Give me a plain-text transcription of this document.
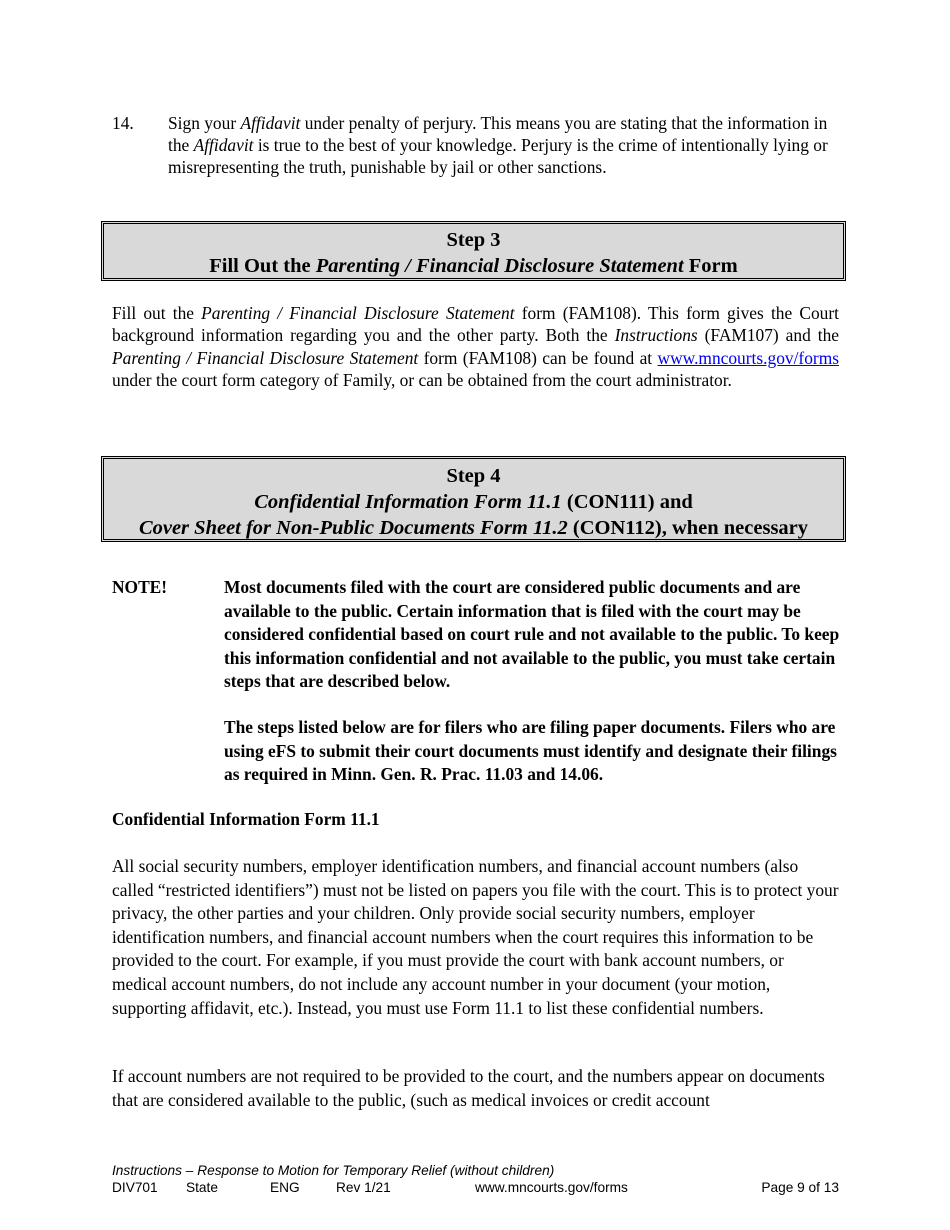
14. Sign your Affidavit under penalty of perjury. This means you are stating that the information in the Affidavit is true to the best of your knowledge. Perjury is the crime of intentionally lying or misrepresenting the truth, punishable by jail or other sanctions.

Step 3
Fill Out the Parenting / Financial Disclosure Statement Form

Fill out the Parenting / Financial Disclosure Statement form (FAM108). This form gives the Court background information regarding you and the other party. Both the Instructions (FAM107) and the Parenting / Financial Disclosure Statement form (FAM108) can be found at www.mncourts.gov/forms under the court form category of Family, or can be obtained from the court administrator.

Step 4
Confidential Information Form 11.1 (CON111) and
Cover Sheet for Non-Public Documents Form 11.2 (CON112), when necessary
NOTE!	Most documents filed with the court are considered public documents and are available to the public. Certain information that is filed with the court may be considered confidential based on court rule and not available to the public. To keep this information confidential and not available to the public, you must take certain steps that are described below.

The steps listed below are for filers who are filing paper documents. Filers who are using eFS to submit their court documents must identify and designate their filings as required in Minn. Gen. R. Prac. 11.03 and 14.06.

Confidential Information Form 11.1

All social security numbers, employer identification numbers, and financial account numbers (also called “restricted identifiers”) must not be listed on papers you file with the court. This is to protect your privacy, the other parties and your children. Only provide social security numbers, employer identification numbers, and financial account numbers when the court requires this information to be provided to the court. For example, if you must provide the court with bank account numbers, or medical account numbers, do not include any account number in your document (your motion, supporting affidavit, etc.). Instead, you must use Form 11.1 to list these confidential numbers.

If account numbers are not required to be provided to the court, and the numbers appear on documents that are considered available to the public, (such as medical invoices or credit account

Instructions – Response to Motion for Temporary Relief (without children)
DIV701 State	ENG	Rev 1/21	www.mncourts.gov/forms	Page 9 of 13
